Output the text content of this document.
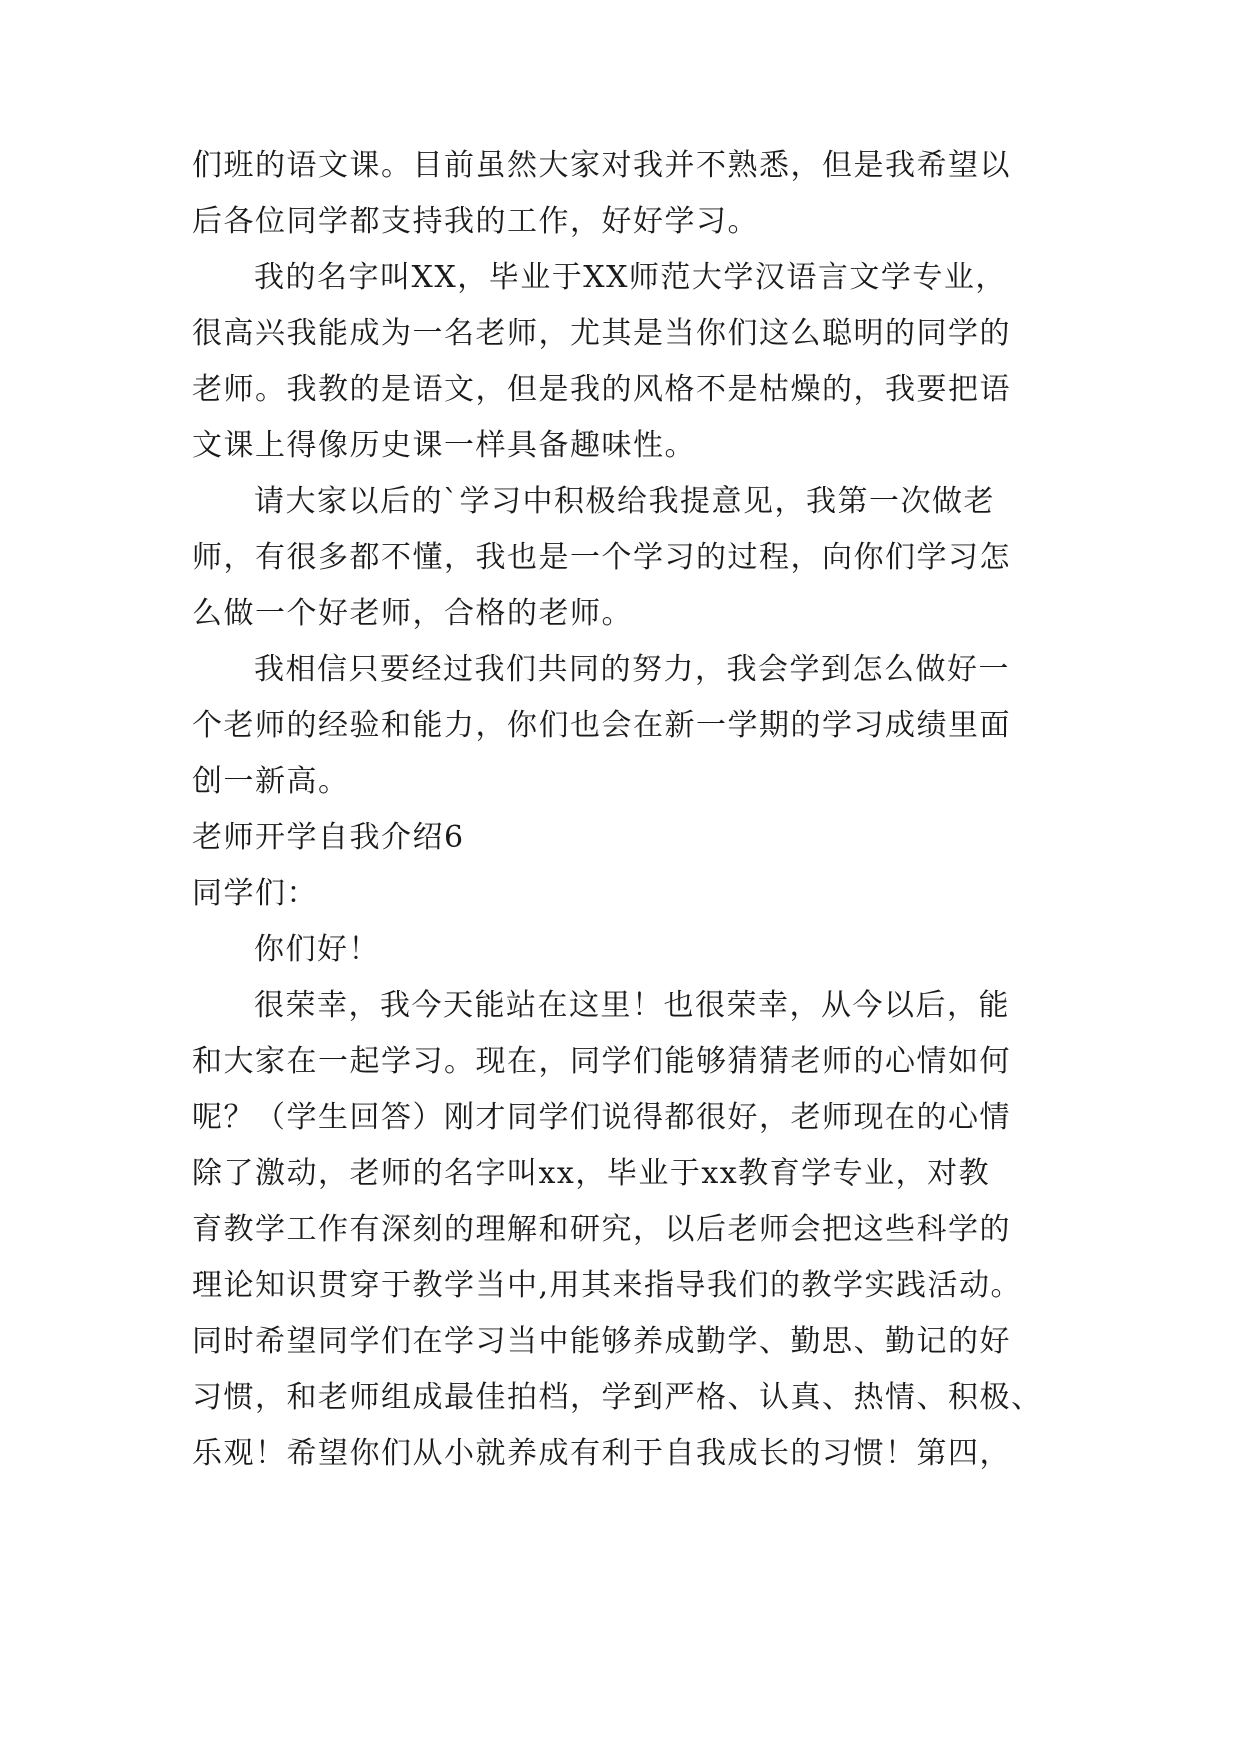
们班的语文课。目前虽然大家对我并不熟悉，但是我希望以
后各位同学都支持我的工作，好好学习。
我的名字叫XX，毕业于XX师范大学汉语言文学专业，
很高兴我能成为一名老师，尤其是当你们这么聪明的同学的
老师。我教的是语文，但是我的风格不是枯燥的，我要把语
文课上得像历史课一样具备趣味性。
请大家以后的`学习中积极给我提意见，我第一次做老
师，有很多都不懂，我也是一个学习的过程，向你们学习怎
么做一个好老师，合格的老师。
我相信只要经过我们共同的努力，我会学到怎么做好一
个老师的经验和能力，你们也会在新一学期的学习成绩里面
创一新高。
老师开学自我介绍6
同学们：
你们好！
很荣幸，我今天能站在这里！也很荣幸，从今以后，能
和大家在一起学习。现在，同学们能够猜猜老师的心情如何
呢？（学生回答）刚才同学们说得都很好，老师现在的心情
除了激动，老师的名字叫xx，毕业于xx教育学专业，对教
育教学工作有深刻的理解和研究，以后老师会把这些科学的
理论知识贯穿于教学当中,用其来指导我们的教学实践活动。
同时希望同学们在学习当中能够养成勤学、勤思、勤记的好
习惯，和老师组成最佳拍档，学到严格、认真、热情、积极、
乐观！希望你们从小就养成有利于自我成长的习惯！第四，
